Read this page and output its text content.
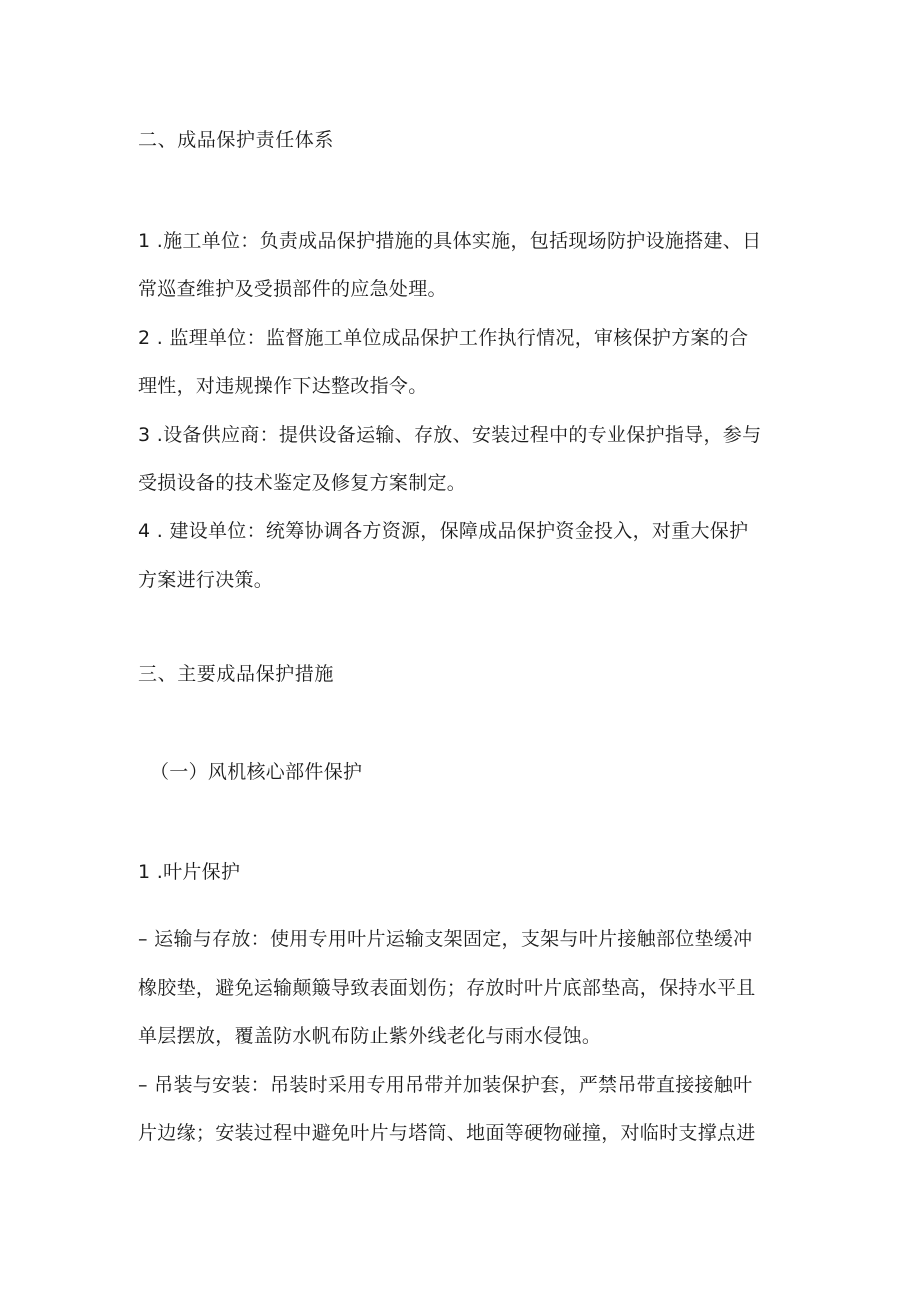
二、成品保护责任体系
1 .施工单位：负责成品保护措施的具体实施，包括现场防护设施搭建、日
常巡查维护及受损部件的应急处理。
2 . 监理单位：监督施工单位成品保护工作执行情况，审核保护方案的合
理性，对违规操作下达整改指令。
3 .设备供应商：提供设备运输、存放、安装过程中的专业保护指导，参与
受损设备的技术鉴定及修复方案制定。
4 . 建设单位：统筹协调各方资源，保障成品保护资金投入，对重大保护
方案进行决策。
三、主要成品保护措施
（一）风机核心部件保护
1 .叶片保护
– 运输与存放：使用专用叶片运输支架固定，支架与叶片接触部位垫缓冲
橡胶垫，避免运输颠簸导致表面划伤；存放时叶片底部垫高，保持水平且
单层摆放，覆盖防水帆布防止紫外线老化与雨水侵蚀。
– 吊装与安装：吊装时采用专用吊带并加装保护套，严禁吊带直接接触叶
片边缘；安装过程中避免叶片与塔筒、地面等硬物碰撞，对临时支撑点进
